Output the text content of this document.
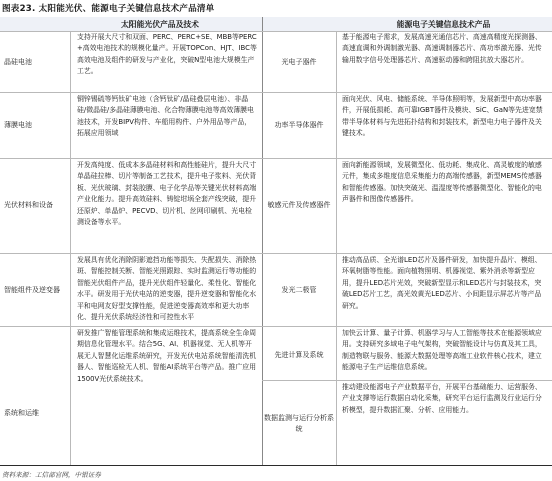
图表23. 太阳能光伏、能源电子关键信息技术产品清单
太阳能光伏产品及技术	能源电子关键信息技术产品
晶硅电池
支持开展大尺寸和双面、PERC、PERC+SE、MBB等PERC+高效电池技术的规模化量产。开展TOPCon、HJT、IBC等高效电池及组件的研发与产业化，突破N型电池大规模生产工艺。
薄膜电池
铜锌锡硫等钙钛矿电池（含钙钛矿/晶硅叠层电池）、非晶硅/微晶硅/多晶硅薄膜电池、化合物薄膜电池等高效薄膜电池技术，开发BIPV构件、车船用构件、户外用品等产品，拓展应用领域
光伏材料和设备
开发高纯度、低成本多晶硅材料和高性能硅片，提升大尺寸单晶硅拉棒、切片等制备工艺技术，提升电子浆料、光伏背板、光伏玻璃、封装胶膜、电子化学品等关键光伏材料高端产业化能力。提升高效硅料、铸锭坩埚全套产线突破，提升还原炉、单晶炉、PECVD、切片机、丝网印刷机、光电检测设备等水平。
智能组件及逆变器
发展具有优化消除阴影遮挡功能等损失、失配损失、消除热斑、智能控制关断、智能光照跟踪、实时监测运行等功能的智能光伏组件产品，提升光伏组件轻量化、柔性化、智能化水平。研发用于光伏电站的逆变器，提升逆变器和智能化水平和电网友好型支撑性能，促进逆变器高效率和更大功率化、提升光伏系统经济性和可控性水平
系统和运维
研发推广智能管理系统和集成运维技术，提高系统全生命周期信息化管理水平。结合5G、AI、机器视觉、无人机等开展无人智慧化运维系统研究，开发光伏电站系统智能清洗机器人、智能巡检无人机、智能AI系统平台等产品。推广应用1500V光伏系统技术。
光电子器件
基于能源电子需求，发展高速光通信芯片、高速高精度光探测器、高速直调和外调制激光器、高速调制器芯片、高功率激光器、光传输用数字信号处理器芯片、高速驱动器和跨阻抗放大器芯片。
功率半导体器件
面向光伏、风电、储能系统、半导体照明等，发展新型中高功率器件，开展低损耗、高可靠IGBT器件及模块、SiC、GaN等先进宽禁带半导体材料与先进拓扑结构和封装技术，新型电力电子器件及关键技术。
敏感元件及传感器件
面向新能源领域，发展微型化、低功耗、集成化、高灵敏度的敏感元件，集成多维度信息采集能力的高端传感器，新型MEMS传感器和智能传感器。加快突破光、温湿度等传感器微型化、智能化的电声器件和图像传感器件。
发光二极管
推动高品质、全光谱LED芯片及器件研发，加快提升晶片、模组、环氧树脂等性能。面向植物照明、机器视觉、紫外消杀等新型应用，提升LED芯片光效，突破新型显示和LED芯片与封装技术，突破LED芯片工艺，高光效黄光LED芯片、小间距显示屏芯片等产品研究。
先进计算及系统
加快云计算、量子计算、机器学习与人工智能等技术在能源领域应用。支持研究多域电子电气架构，突破智能设计与仿真及其工具，制造物联与服务、能源大数据处理等高端工业软件核心技术，建立能源电子生产运维信息系统。
数据监测与运行分析系统
推动建设能源电子产业数据平台，开展平台基础能力、运营服务、产业支撑等运行数据自动化采集，研究平台运行监测及行业运行分析模型，提升数据汇聚、分析、应用能力。
资料来源：工信部官网，中银证券
